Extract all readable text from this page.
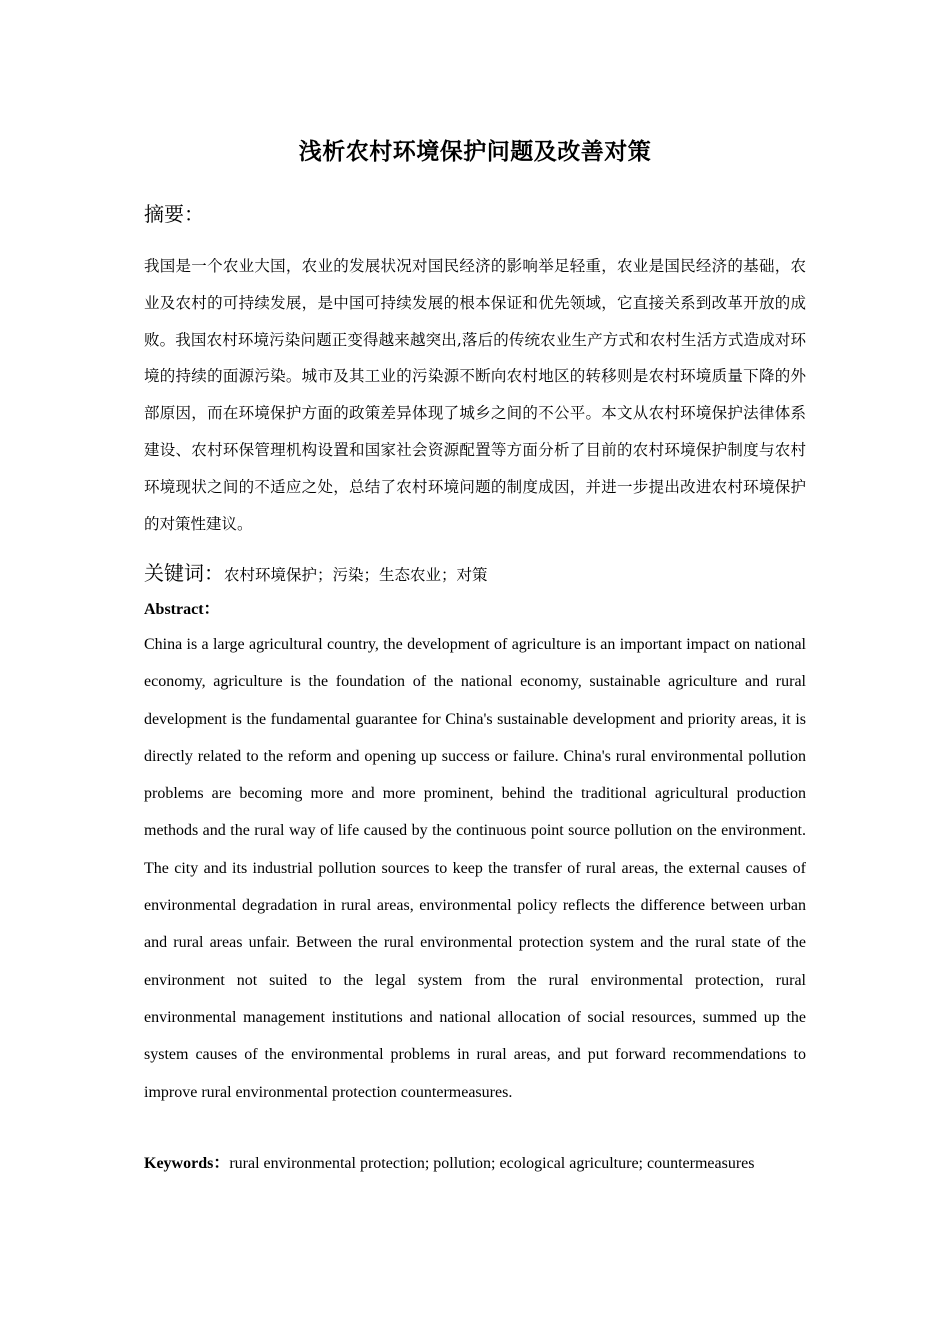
浅析农村环境保护问题及改善对策
摘要：

我国是一个农业大国，农业的发展状况对国民经济的影响举足轻重，农业是国民经济的基础，农业及农村的可持续发展，是中国可持续发展的根本保证和优先领域，它直接关系到改革开放的成败。我国农村环境污染问题正变得越来越突出,落后的传统农业生产方式和农村生活方式造成对环境的持续的面源污染。城市及其工业的污染源不断向农村地区的转移则是农村环境质量下降的外部原因，而在环境保护方面的政策差异体现了城乡之间的不公平。本文从农村环境保护法律体系建设、农村环保管理机构设置和国家社会资源配置等方面分析了目前的农村环境保护制度与农村环境现状之间的不适应之处，总结了农村环境问题的制度成因，并进一步提出改进农村环境保护的对策性建议。

关键词：农村环境保护；污染；生态农业；对策
Abstract：

China is a large agricultural country, the development of agriculture is an important impact on national economy, agriculture is the foundation of the national economy, sustainable agriculture and rural development is the fundamental guarantee for China's sustainable development and priority areas, it is directly related to the reform and opening up success or failure. China's rural environmental pollution problems are becoming more and more prominent, behind the traditional agricultural production methods and the rural way of life caused by the continuous point source pollution on the environment. The city and its industrial pollution sources to keep the transfer of rural areas, the external causes of environmental degradation in rural areas, environmental policy reflects the difference between urban and rural areas unfair. Between the rural environmental protection system and the rural state of the environment not suited to the legal system from the rural environmental protection, rural environmental management institutions and national allocation of social resources, summed up the system causes of the environmental problems in rural areas, and put forward recommendations to improve rural environmental protection countermeasures.

Keywords：rural environmental protection; pollution; ecological agriculture; countermeasures
